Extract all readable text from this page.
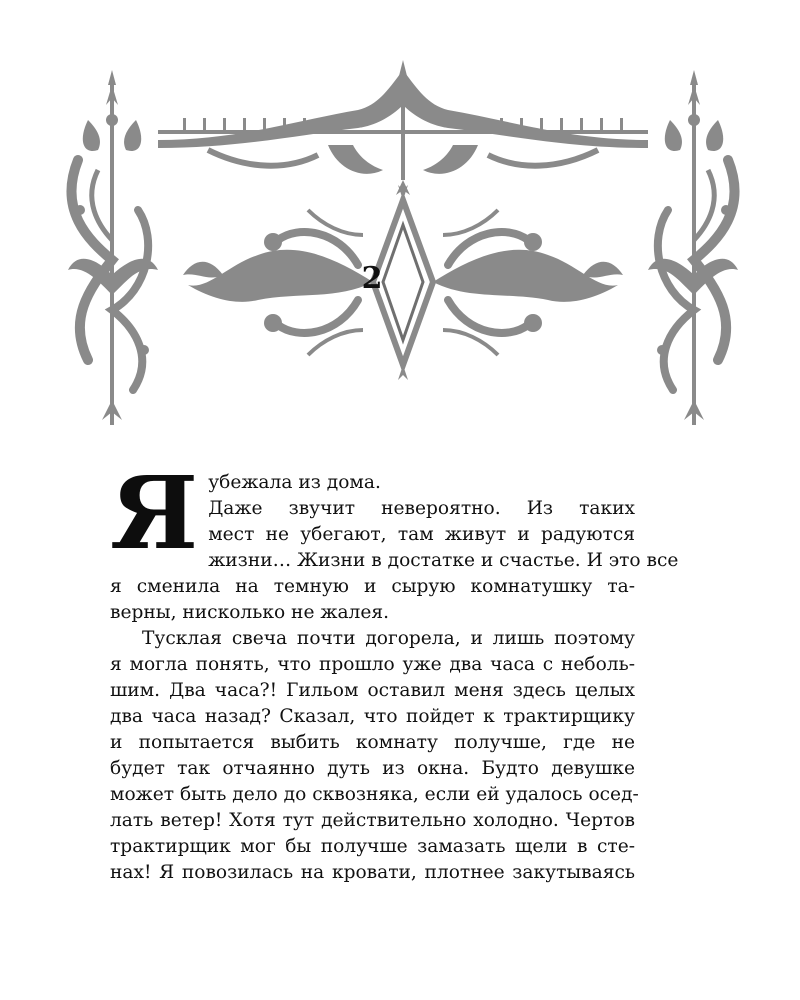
2
Я убежала из дома.
Даже звучит невероятно. Из таких
мест не убегают, там живут и радуются
жизни… Жизни в достатке и счастье. И это все
я сменила на темную и сырую комнатушку та-
верны, нисколько не жалея.
Тусклая свеча почти догорела, и лишь поэтому
я могла понять, что прошло уже два часа с неболь-
шим. Два часа?! Гильом оставил меня здесь целых
два часа назад? Сказал, что пойдет к трактирщику
и попытается выбить комнату получше, где не
будет так отчаянно дуть из окна. Будто девушке
может быть дело до сквозняка, если ей удалось осед-
лать ветер! Хотя тут действительно холодно. Чертов
трактирщик мог бы получше замазать щели в сте-
нах! Я повозилась на кровати, плотнее закутываясь
